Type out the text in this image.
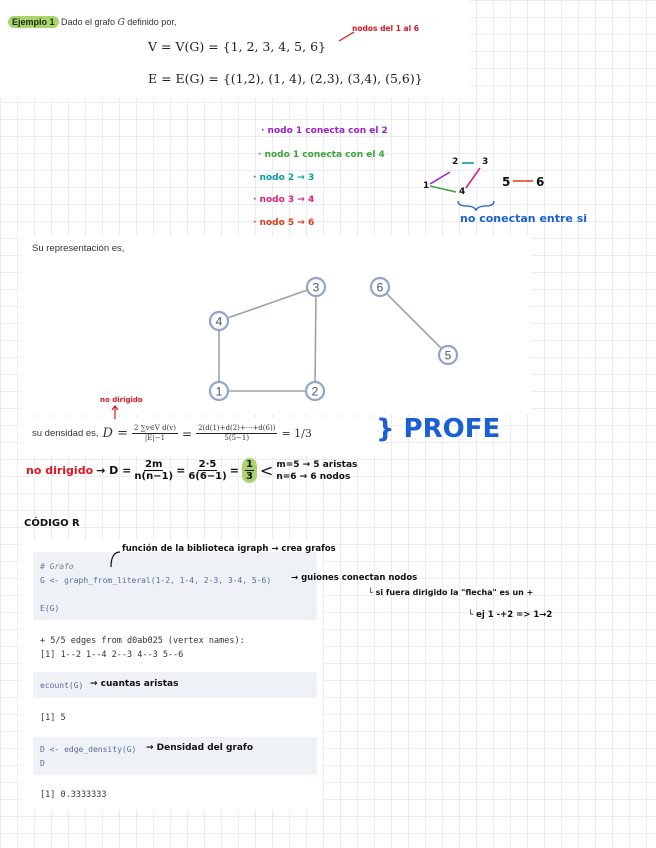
Ejemplo 1 Dado el grafo G definido por,
V = V(G) = {1, 2, 3, 4, 5, 6}
E = E(G) = {(1,2), (1, 4), (2,3), (3,4), (5,6)}
nodos del 1 al 6
· nodo 1 conecta con el 2
· nodo 1 conecta con el 4
· nodo 2 → 3
· nodo 3 → 4
· nodo 5 → 6
1
2	3
4
5 6
no conectan entre si
Su representación es,
1	2
3
4
5
6
no dirigido
su densidad es, $D = \frac{\text{2 ∑v∈V d(v)}}{|E|-1} = \frac{2(d(1)+d(2)+\cdot\cdot\cdot+d(6))}{5(5-1)} = 1/3$ } PROFE
no dirigido → $D = \frac{2m}{n(n-1)} = \frac{2\cdot 5}{6(6-1)} = \frac{1}{3} < m=5 \to 5$ aristas
n=6 → 6 nodos
CÓDIGO R
# Grafo
G <- graph_from_literal(1-2, 1-4, 2-3, 3-4, 5-6)
E(G)
función de la biblioteca igraph → crea grafos
→ guiones conectan nodos
└ si fuera dirigido la "flecha" es un +
└ ej 1 -+2 => 1→2
+ 5/5 edges from d0ab025 (vertex names):
[1] 1--2 1--4 2--3 4--3 5--6
ecount(G) → cuantas aristas
[1] 5
D <- edge_density(G)
D
→ Densidad del grafo
[1] 0.3333333
